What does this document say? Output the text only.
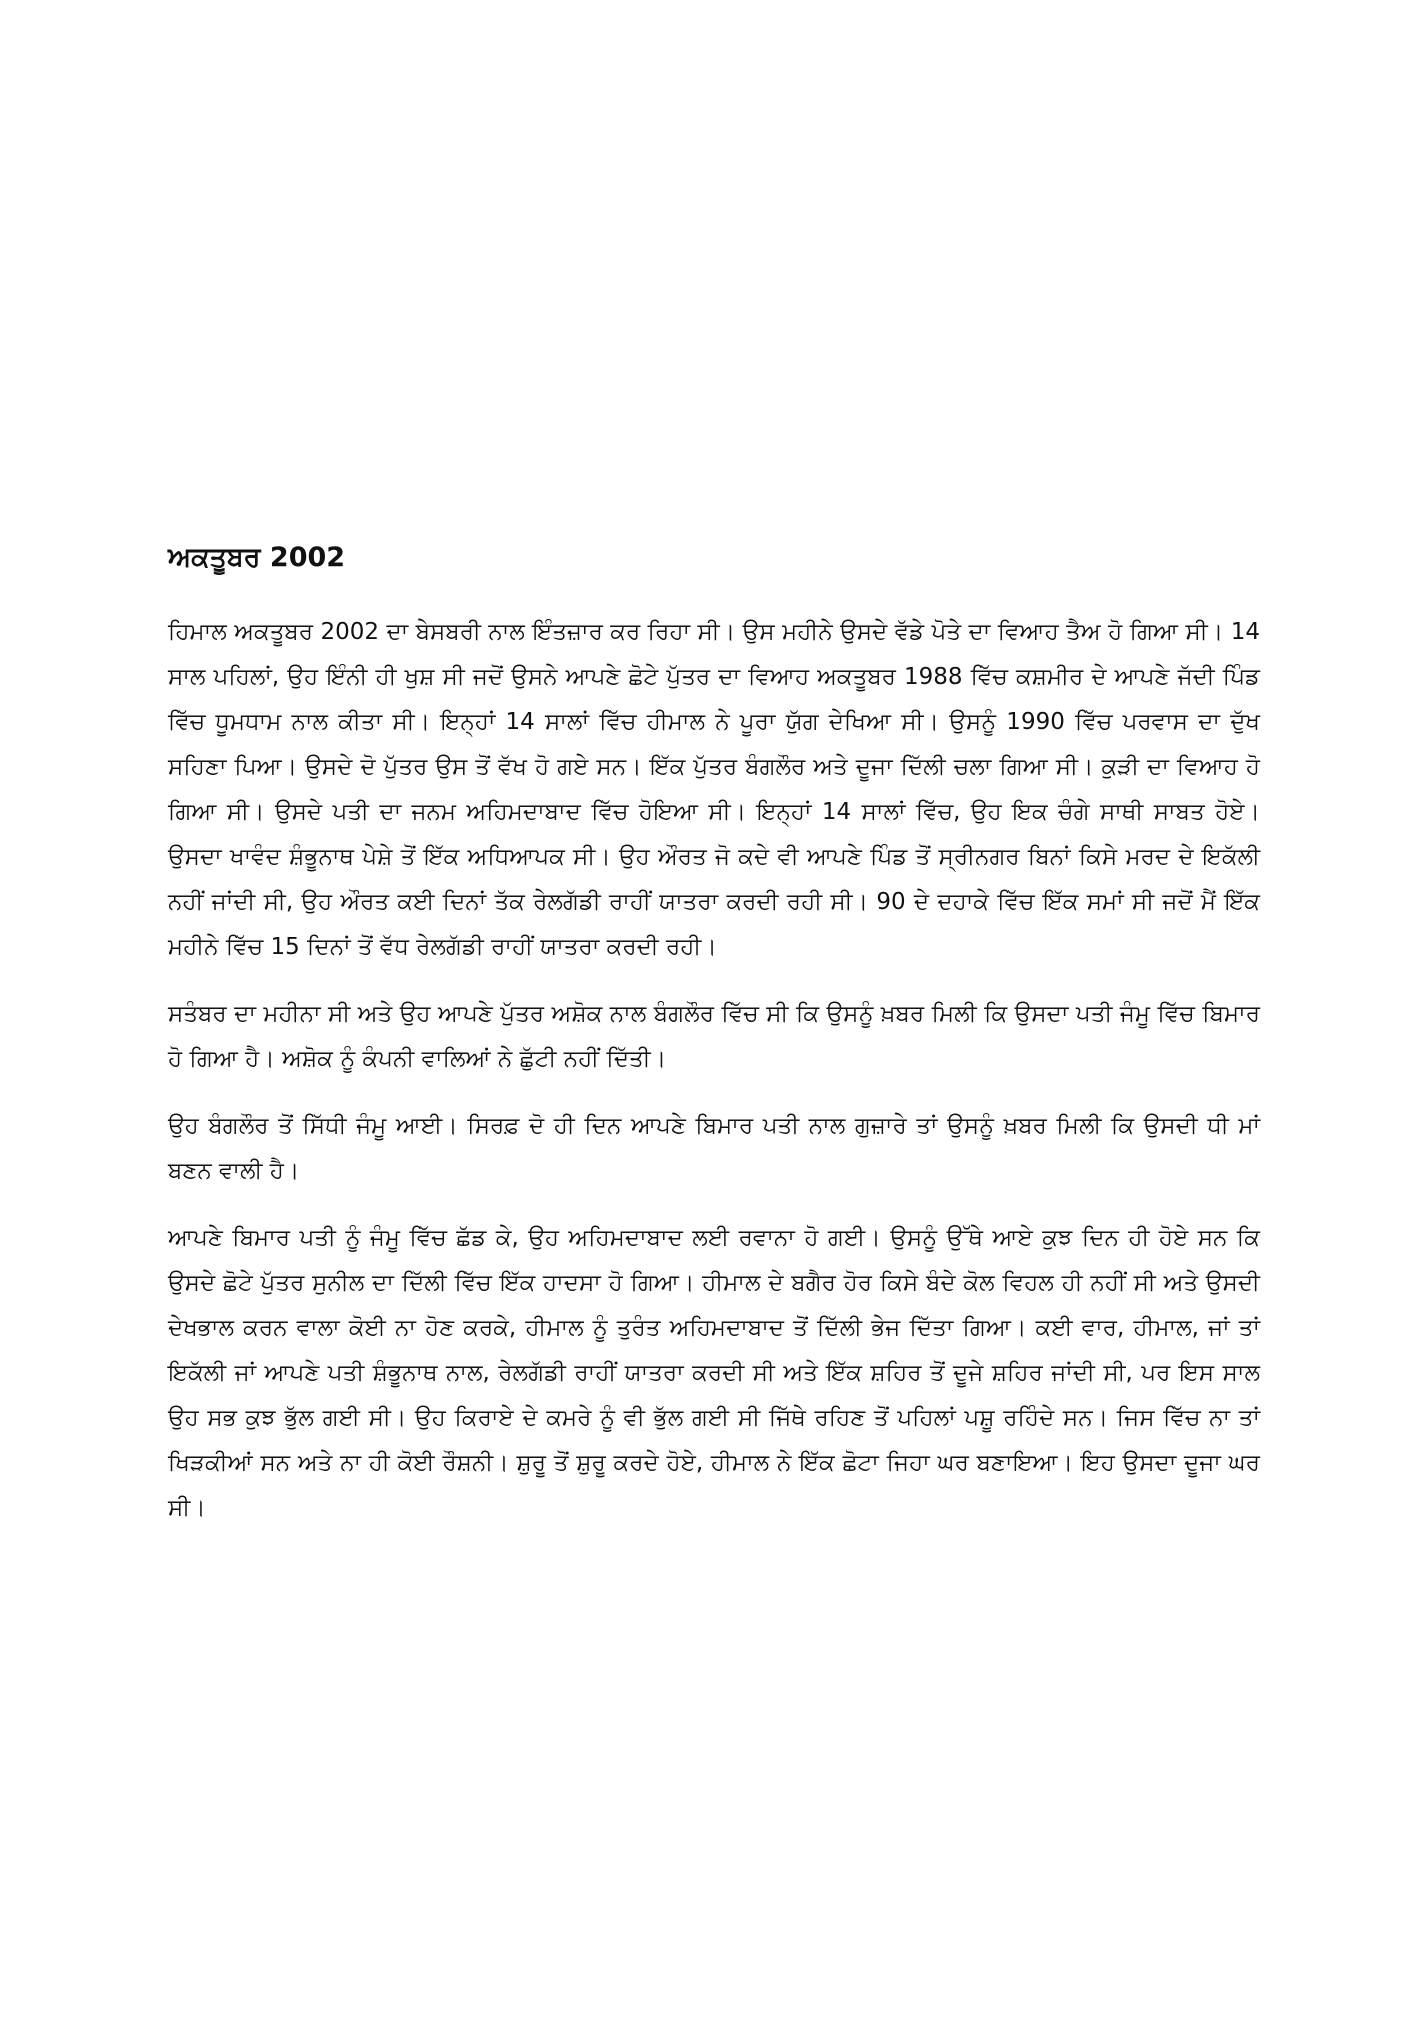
ਅਕਤੂਬਰ 2002

ਹਿਮਾਲ ਅਕਤੂਬਰ 2002 ਦਾ ਬੇਸਬਰੀ ਨਾਲ ਇੰਤਜ਼ਾਰ ਕਰ ਰਿਹਾ ਸੀ। ਉਸ ਮਹੀਨੇ ਉਸਦੇ ਵੱਡੇ ਪੋਤੇ ਦਾ ਵਿਆਹ ਤੈਅ ਹੋ ਗਿਆ ਸੀ। 14 ਸਾਲ ਪਹਿਲਾਂ, ਉਹ ਇੰਨੀ ਹੀ ਖੁਸ਼ ਸੀ ਜਦੋਂ ਉਸਨੇ ਆਪਣੇ ਛੋਟੇ ਪੁੱਤਰ ਦਾ ਵਿਆਹ ਅਕਤੂਬਰ 1988 ਵਿੱਚ ਕਸ਼ਮੀਰ ਦੇ ਆਪਣੇ ਜੱਦੀ ਪਿੰਡ ਵਿੱਚ ਧੂਮਧਾਮ ਨਾਲ ਕੀਤਾ ਸੀ। ਇਨ੍ਹਾਂ 14 ਸਾਲਾਂ ਵਿੱਚ ਹੀਮਾਲ ਨੇ ਪੂਰਾ ਯੁੱਗ ਦੇਖਿਆ ਸੀ। ਉਸਨੂੰ 1990 ਵਿੱਚ ਪਰਵਾਸ ਦਾ ਦੁੱਖ ਸਹਿਣਾ ਪਿਆ। ਉਸਦੇ ਦੋ ਪੁੱਤਰ ਉਸ ਤੋਂ ਵੱਖ ਹੋ ਗਏ ਸਨ। ਇੱਕ ਪੁੱਤਰ ਬੰਗਲੌਰ ਅਤੇ ਦੂਜਾ ਦਿੱਲੀ ਚਲਾ ਗਿਆ ਸੀ। ਕੁੜੀ ਦਾ ਵਿਆਹ ਹੋ ਗਿਆ ਸੀ। ਉਸਦੇ ਪਤੀ ਦਾ ਜਨਮ ਅਹਿਮਦਾਬਾਦ ਵਿੱਚ ਹੋਇਆ ਸੀ। ਇਨ੍ਹਾਂ 14 ਸਾਲਾਂ ਵਿੱਚ, ਉਹ ਇਕ ਚੰਗੇ ਸਾਥੀ ਸਾਬਤ ਹੋਏ। ਉਸਦਾ ਖਾਵੰਦ ਸ਼ੰਭੂਨਾਥ ਪੇਸ਼ੇ ਤੋਂ ਇੱਕ ਅਧਿਆਪਕ ਸੀ। ਉਹ ਔਰਤ ਜੋ ਕਦੇ ਵੀ ਆਪਣੇ ਪਿੰਡ ਤੋਂ ਸ੍ਰੀਨਗਰ ਬਿਨਾਂ ਕਿਸੇ ਮਰਦ ਦੇ ਇਕੱਲੀ ਨਹੀਂ ਜਾਂਦੀ ਸੀ, ਉਹ ਔਰਤ ਕਈ ਦਿਨਾਂ ਤੱਕ ਰੇਲਗੱਡੀ ਰਾਹੀਂ ਯਾਤਰਾ ਕਰਦੀ ਰਹੀ ਸੀ। 90 ਦੇ ਦਹਾਕੇ ਵਿੱਚ ਇੱਕ ਸਮਾਂ ਸੀ ਜਦੋਂ ਮੈਂ ਇੱਕ ਮਹੀਨੇ ਵਿੱਚ 15 ਦਿਨਾਂ ਤੋਂ ਵੱਧ ਰੇਲਗੱਡੀ ਰਾਹੀਂ ਯਾਤਰਾ ਕਰਦੀ ਰਹੀ।

ਸਤੰਬਰ ਦਾ ਮਹੀਨਾ ਸੀ ਅਤੇ ਉਹ ਆਪਣੇ ਪੁੱਤਰ ਅਸ਼ੋਕ ਨਾਲ ਬੰਗਲੌਰ ਵਿੱਚ ਸੀ ਕਿ ਉਸਨੂੰ ਖ਼ਬਰ ਮਿਲੀ ਕਿ ਉਸਦਾ ਪਤੀ ਜੰਮੂ ਵਿੱਚ ਬਿਮਾਰ ਹੋ ਗਿਆ ਹੈ। ਅਸ਼ੋਕ ਨੂੰ ਕੰਪਨੀ ਵਾਲਿਆਂ ਨੇ ਛੁੱਟੀ ਨਹੀਂ ਦਿੱਤੀ।

ਉਹ ਬੰਗਲੌਰ ਤੋਂ ਸਿੱਧੀ ਜੰਮੂ ਆਈ। ਸਿਰਫ਼ ਦੋ ਹੀ ਦਿਨ ਆਪਣੇ ਬਿਮਾਰ ਪਤੀ ਨਾਲ ਗੁਜ਼ਾਰੇ ਤਾਂ ਉਸਨੂੰ ਖ਼ਬਰ ਮਿਲੀ ਕਿ ਉਸਦੀ ਧੀ ਮਾਂ ਬਣਨ ਵਾਲੀ ਹੈ।

ਆਪਣੇ ਬਿਮਾਰ ਪਤੀ ਨੂੰ ਜੰਮੂ ਵਿੱਚ ਛੱਡ ਕੇ, ਉਹ ਅਹਿਮਦਾਬਾਦ ਲਈ ਰਵਾਨਾ ਹੋ ਗਈ। ਉਸਨੂੰ ਉੱਥੇ ਆਏ ਕੁਝ ਦਿਨ ਹੀ ਹੋਏ ਸਨ ਕਿ ਉਸਦੇ ਛੋਟੇ ਪੁੱਤਰ ਸੁਨੀਲ ਦਾ ਦਿੱਲੀ ਵਿੱਚ ਇੱਕ ਹਾਦਸਾ ਹੋ ਗਿਆ। ਹੀਮਾਲ ਦੇ ਬਗੈਰ ਹੋਰ ਕਿਸੇ ਬੰਦੇ ਕੋਲ ਵਿਹਲ ਹੀ ਨਹੀਂ ਸੀ ਅਤੇ ਉਸਦੀ ਦੇਖਭਾਲ ਕਰਨ ਵਾਲਾ ਕੋਈ ਨਾ ਹੋਣ ਕਰਕੇ, ਹੀਮਾਲ ਨੂੰ ਤੁਰੰਤ ਅਹਿਮਦਾਬਾਦ ਤੋਂ ਦਿੱਲੀ ਭੇਜ ਦਿੱਤਾ ਗਿਆ। ਕਈ ਵਾਰ, ਹੀਮਾਲ, ਜਾਂ ਤਾਂ ਇਕੱਲੀ ਜਾਂ ਆਪਣੇ ਪਤੀ ਸ਼ੰਭੂਨਾਥ ਨਾਲ, ਰੇਲਗੱਡੀ ਰਾਹੀਂ ਯਾਤਰਾ ਕਰਦੀ ਸੀ ਅਤੇ ਇੱਕ ਸ਼ਹਿਰ ਤੋਂ ਦੂਜੇ ਸ਼ਹਿਰ ਜਾਂਦੀ ਸੀ, ਪਰ ਇਸ ਸਾਲ ਉਹ ਸਭ ਕੁਝ ਭੁੱਲ ਗਈ ਸੀ। ਉਹ ਕਿਰਾਏ ਦੇ ਕਮਰੇ ਨੂੰ ਵੀ ਭੁੱਲ ਗਈ ਸੀ ਜਿੱਥੇ ਰਹਿਣ ਤੋਂ ਪਹਿਲਾਂ ਪਸ਼ੂ ਰਹਿੰਦੇ ਸਨ। ਜਿਸ ਵਿੱਚ ਨਾ ਤਾਂ ਖਿੜਕੀਆਂ ਸਨ ਅਤੇ ਨਾ ਹੀ ਕੋਈ ਰੌਸ਼ਨੀ। ਸ਼ੁਰੂ ਤੋਂ ਸ਼ੁਰੂ ਕਰਦੇ ਹੋਏ, ਹੀਮਾਲ ਨੇ ਇੱਕ ਛੋਟਾ ਜਿਹਾ ਘਰ ਬਣਾਇਆ। ਇਹ ਉਸਦਾ ਦੂਜਾ ਘਰ ਸੀ।
